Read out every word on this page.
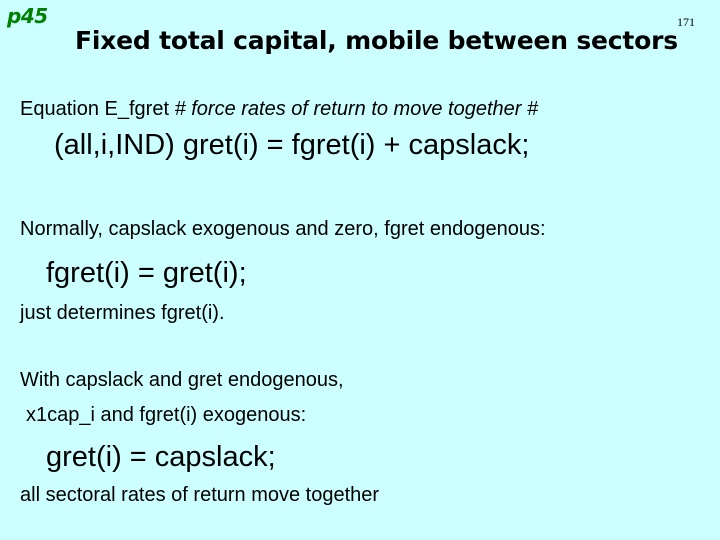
p45	171
Fixed total capital, mobile between sectors
Equation E_fgret # force rates of return to move together #
(all,i,IND) gret(i) = fgret(i) + capslack;
Normally, capslack exogenous and zero, fgret endogenous:
fgret(i) = gret(i);
just determines fgret(i).
With capslack and gret endogenous,
x1cap_i and fgret(i) exogenous:
gret(i) = capslack;
all sectoral rates of return move together
